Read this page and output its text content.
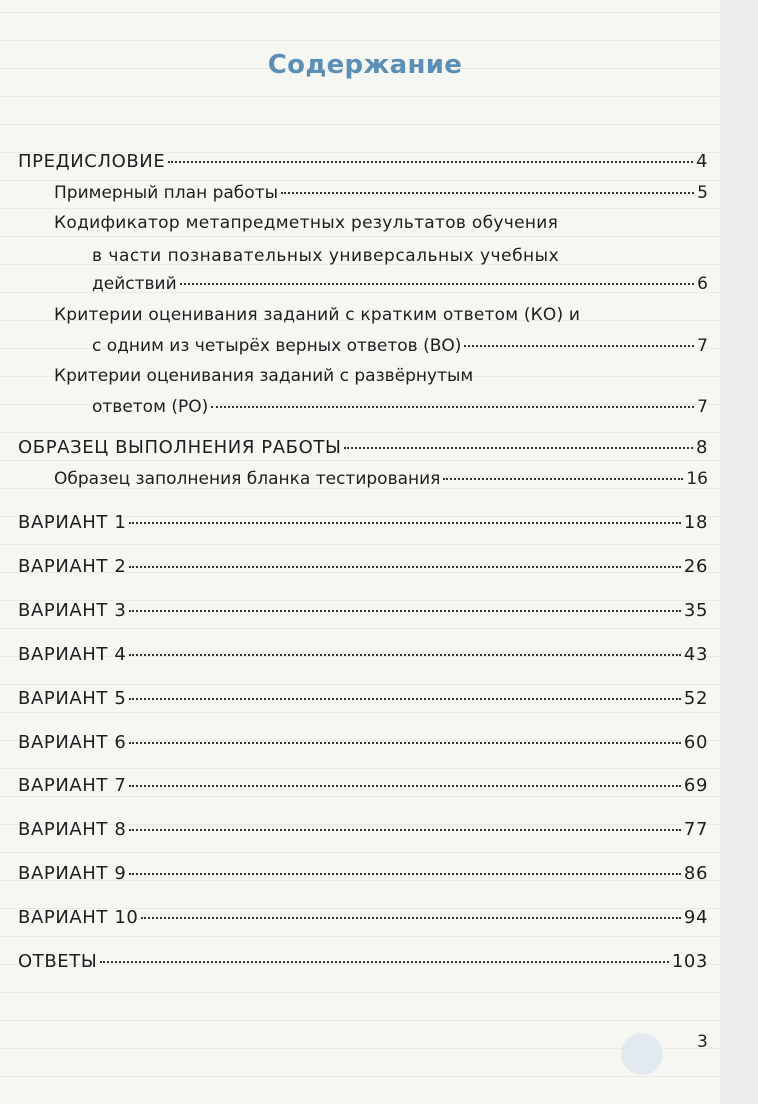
Содержание
ПРЕДИСЛОВИЕ	4
Примерный план работы	5
Кодификатор метапредметных результатов обучения
в части познавательных универсальных учебных
действий	6
Критерии оценивания заданий с кратким ответом (КО) и
с одним из четырёх верных ответов (ВО)	7
Критерии оценивания заданий с развёрнутым
ответом (РО)	7
ОБРАЗЕЦ ВЫПОЛНЕНИЯ РАБОТЫ	8
Образец заполнения бланка тестирования	16
ВАРИАНТ 1	18
ВАРИАНТ 2	26
ВАРИАНТ 3	35
ВАРИАНТ 4	43
ВАРИАНТ 5	52
ВАРИАНТ 6	60
ВАРИАНТ 7	69
ВАРИАНТ 8	77
ВАРИАНТ 9	86
ВАРИАНТ 10	94
ОТВЕТЫ	103
3
